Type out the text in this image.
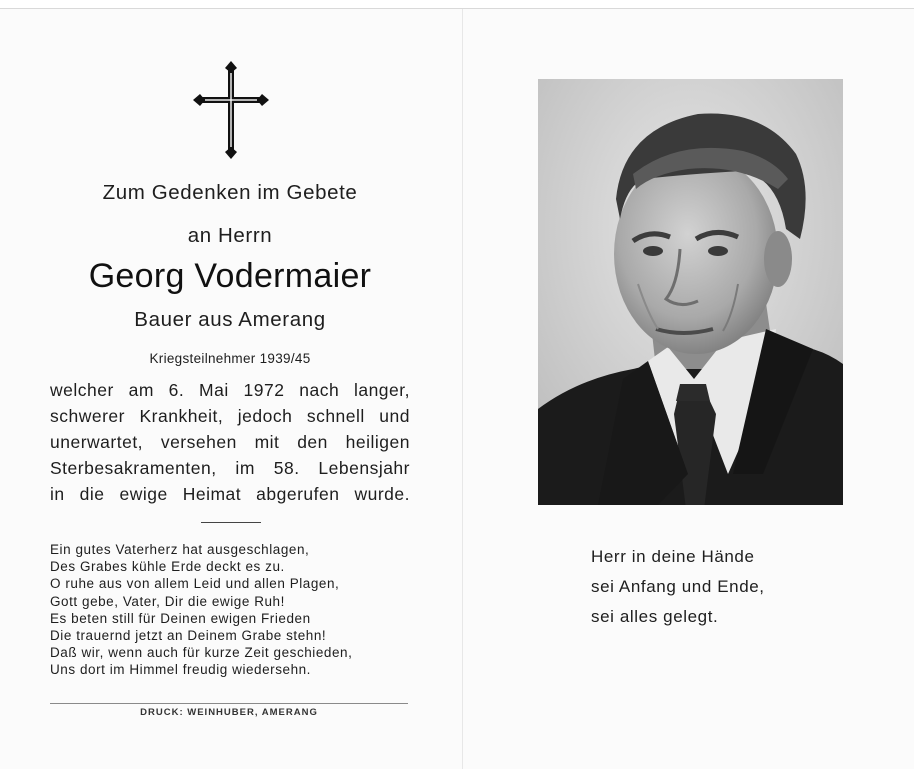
Zum Gedenken im Gebete
an Herrn
Georg Vodermaier
Bauer aus Amerang
Kriegsteilnehmer 1939/45
welcher am 6. Mai 1972 nach langer,
schwerer Krankheit, jedoch schnell und
unerwartet, versehen mit den heiligen
Sterbesakramenten, im 58. Lebensjahr
in die ewige Heimat abgerufen wurde.
Ein gutes Vaterherz hat ausgeschlagen,
Des Grabes kühle Erde deckt es zu.
O ruhe aus von allem Leid und allen Plagen,
Gott gebe, Vater, Dir die ewige Ruh!
Es beten still für Deinen ewigen Frieden
Die trauernd jetzt an Deinem Grabe stehn!
Daß wir, wenn auch für kurze Zeit geschieden,
Uns dort im Himmel freudig wiedersehn.
DRUCK: WEINHUBER, AMERANG
Herr in deine Hände
sei Anfang und Ende,
sei alles gelegt.
